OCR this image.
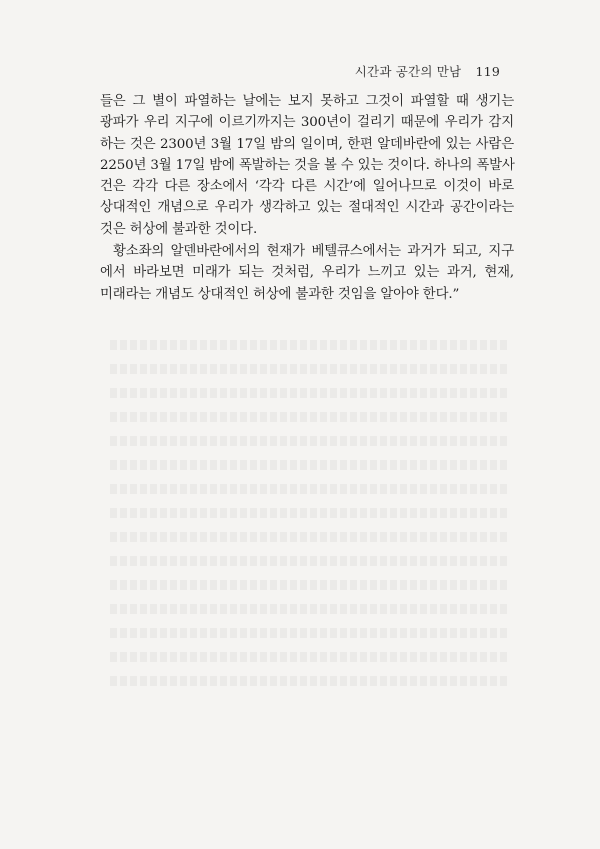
시간과 공간의 만남 119
들은 그 별이 파열하는 날에는 보지 못하고 그것이 파열할 때 생기는
광파가 우리 지구에 이르기까지는 300년이 걸리기 때문에 우리가 감지
하는 것은 2300년 3월 17일 밤의 일이며, 한편 알데바란에 있는 사람은
2250년 3월 17일 밤에 폭발하는 것을 볼 수 있는 것이다. 하나의 폭발사
건은 각각 다른 장소에서 ‘각각 다른 시간’에 일어나므로 이것이 바로
상대적인 개념으로 우리가 생각하고 있는 절대적인 시간과 공간이라는
것은 허상에 불과한 것이다.
황소좌의 알덴바란에서의 현재가 베텔큐스에서는 과거가 되고, 지구
에서 바라보면 미래가 되는 것처럼, 우리가 느끼고 있는 과거, 현재,
미래라는 개념도 상대적인 허상에 불과한 것임을 알아야 한다.”
